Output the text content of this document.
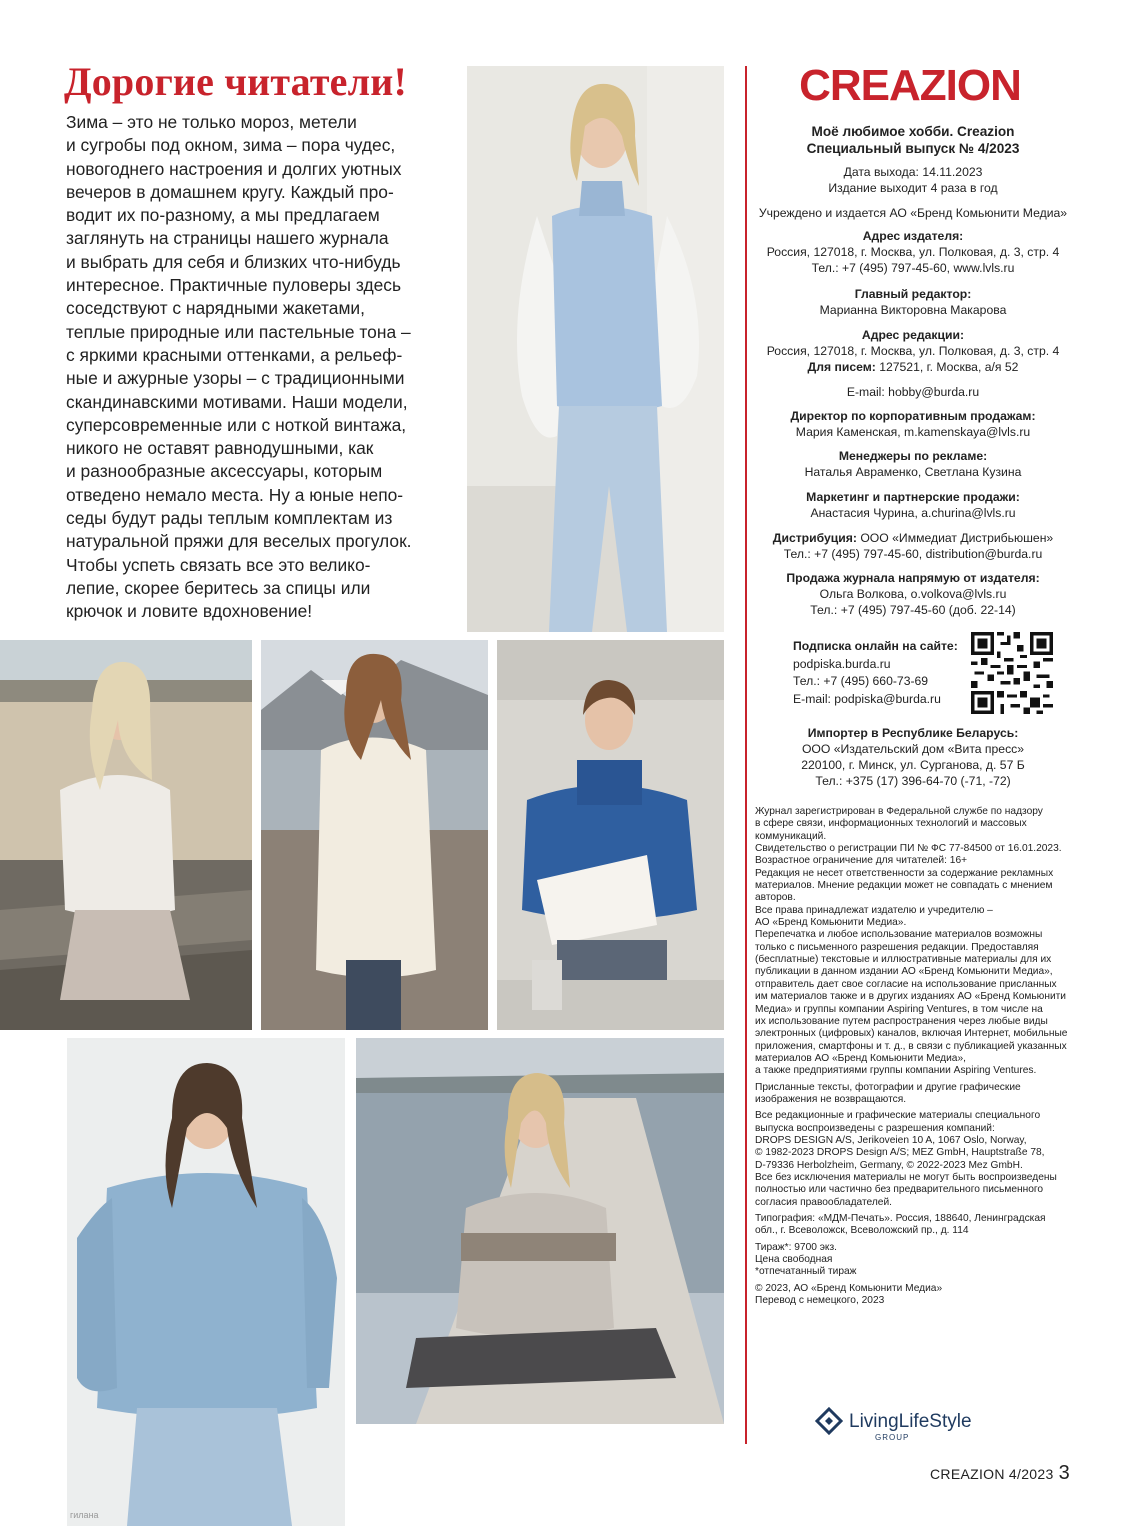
Дорогие читатели!
Зима – это не только мороз, метели
и сугробы под окном, зима – пора чудес,
новогоднего настроения и долгих уютных
вечеров в домашнем кругу. Каждый про-
водит их по-разному, а мы предлагаем
заглянуть на страницы нашего журнала
и выбрать для себя и близких что-нибудь
интересное. Практичные пуловеры здесь
соседствуют с нарядными жакетами,
теплые природные или пастельные тона –
с яркими красными оттенками, а рельеф-
ные и ажурные узоры – с традиционными
скандинавскими мотивами. Наши модели,
суперсовременные или с ноткой винтажа,
никого не оставят равнодушными, как
и разнообразные аксессуары, которым
отведено немало места. Ну а юные непо-
седы будут рады теплым комплектам из
натуральной пряжи для веселых прогулок.
Чтобы успеть связать все это велико-
лепие, скорее беритесь за спицы или
крючок и ловите вдохновение!
гилана
CREAZION
Моё любимое хобби. Creazion
Специальный выпуск № 4/2023
Дата выхода: 14.11.2023
Издание выходит 4 раза в год
Учреждено и издается АО «Бренд Комьюнити Медиа»
Адрес издателя:
Россия, 127018, г. Москва, ул. Полковая, д. 3, стр. 4
Тел.: +7 (495) 797-45-60, www.lvls.ru
Главный редактор:
Марианна Викторовна Макарова
Адрес редакции:
Россия, 127018, г. Москва, ул. Полковая, д. 3, стр. 4
Для писем: 127521, г. Москва, а/я 52
E-mail: hobby@burda.ru
Директор по корпоративным продажам:
Мария Каменская, m.kamenskaya@lvls.ru
Менеджеры по рекламе:
Наталья Авраменко, Светлана Кузина
Маркетинг и партнерские продажи:
Анастасия Чурина, a.churina@lvls.ru
Дистрибуция: ООО «Иммедиат Дистрибьюшен»
Тел.: +7 (495) 797-45-60, distribution@burda.ru
Продажа журнала напрямую от издателя:
Ольга Волкова, o.volkova@lvls.ru
Тел.: +7 (495) 797-45-60 (доб. 22-14)
Подписка онлайн на сайте:
podpiska.burda.ru
Тел.: +7 (495) 660-73-69
E-mail: podpiska@burda.ru
Импортер в Республике Беларусь:
ООО «Издательский дом «Вита пресс»
220100, г. Минск, ул. Сурганова, д. 57 Б
Тел.: +375 (17) 396-64-70 (-71, -72)
Журнал зарегистрирован в Федеральной службе по надзору
в сфере связи, информационных технологий и массовых
коммуникаций.
Свидетельство о регистрации ПИ № ФС 77-84500 от 16.01.2023.
Возрастное ограничение для читателей: 16+
Редакция не несет ответственности за содержание рекламных
материалов. Мнение редакции может не совпадать с мнением
авторов.
Все права принадлежат издателю и учредителю –
АО «Бренд Комьюнити Медиа».
Перепечатка и любое использование материалов возможны
только с письменного разрешения редакции. Предоставляя
(бесплатные) текстовые и иллюстративные материалы для их
публикации в данном издании АО «Бренд Комьюнити Медиа»,
отправитель дает свое согласие на использование присланных
им материалов также и в других изданиях АО «Бренд Комьюнити
Медиа» и группы компании Aspiring Ventures, в том числе на
их использование путем распространения через любые виды
электронных (цифровых) каналов, включая Интернет, мобильные
приложения, смартфоны и т. д., в связи с публикацией указанных
материалов АО «Бренд Комьюнити Медиа»,
а также предприятиями группы компании Aspiring Ventures.
Присланные тексты, фотографии и другие графические
изображения не возвращаются.
Все редакционные и графические материалы специального
выпуска воспроизведены с разрешения компаний:
DROPS DESIGN A/S, Jerikoveien 10 A, 1067 Oslo, Norway,
© 1982-2023 DROPS Design A/S; MEZ GmbH, Hauptstraße 78,
D-79336 Herbolzheim, Germany, © 2022-2023 Mez GmbH.
Все без исключения материалы не могут быть воспроизведены
полностью или частично без предварительного письменного
согласия правообладателей.
Типография: «МДМ-Печать». Россия, 188640, Ленинградская
обл., г. Всеволожск, Всеволожский пр., д. 114
Тираж*: 9700 экз.
Цена свободная
*отпечатанный тираж
© 2023, АО «Бренд Комьюнити Медиа»
Перевод с немецкого, 2023
LivingLifeStyle
GROUP
CREAZION 4/2023 3
